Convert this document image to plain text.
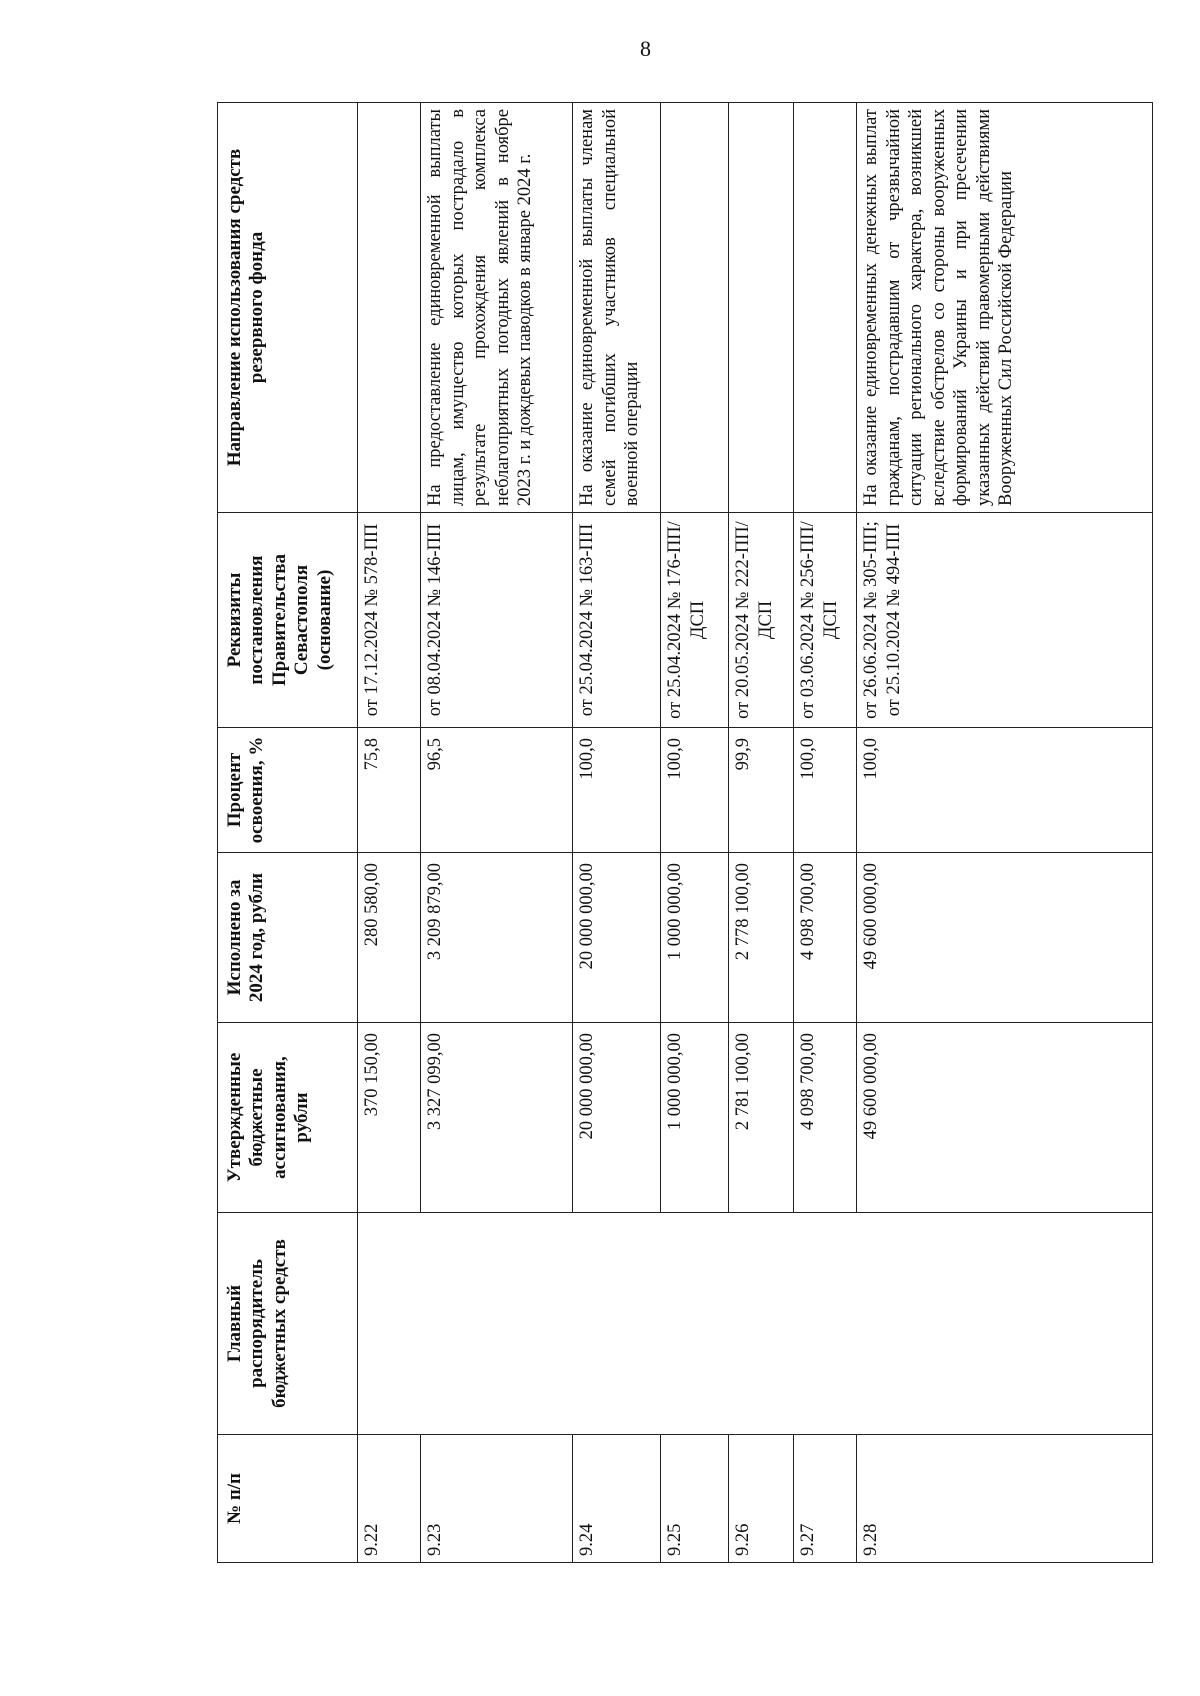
8
№ п/п	Главный распорядитель бюджетных средств	Утвержденные бюджетные ассигнования, рубли	Исполнено за 2024 год, рубли	Процент освоения, %	Реквизиты постановления Правительства Севастополя (основание)	Направление использования средств резервного фонда
9.22		370 150,00	280 580,00	75,8	от 17.12.2024 № 578-ПП	
9.23		3 327 099,00	3 209 879,00	96,5	от 08.04.2024 № 146-ПП	На предоставление единовременной выплаты лицам, имущество которых пострадало в результате прохождения комплекса неблагоприятных погодных явлений в ноябре 2023 г. и дождевых паводков в январе 2024 г.
9.24		20 000 000,00	20 000 000,00	100,0	от 25.04.2024 № 163-ПП	На оказание единовременной выплаты членам семей погибших участников специальной военной операции
9.25		1 000 000,00	1 000 000,00	100,0	от 25.04.2024 № 176-ПП/ДСП	
9.26		2 781 100,00	2 778 100,00	99,9	от 20.05.2024 № 222-ПП/ДСП	
9.27		4 098 700,00	4 098 700,00	100,0	от 03.06.2024 № 256-ПП/ДСП	
9.28		49 600 000,00	49 600 000,00	100,0	от 26.06.2024 № 305-ПП; от 25.10.2024 № 494-ПП	На оказание единовременных денежных выплат гражданам, пострадавшим от чрезвычайной ситуации регионального характера, возникшей вследствие обстрелов со стороны вооруженных формирований Украины и при пресечении указанных действий правомерными действиями Вооруженных Сил Российской Федерации
